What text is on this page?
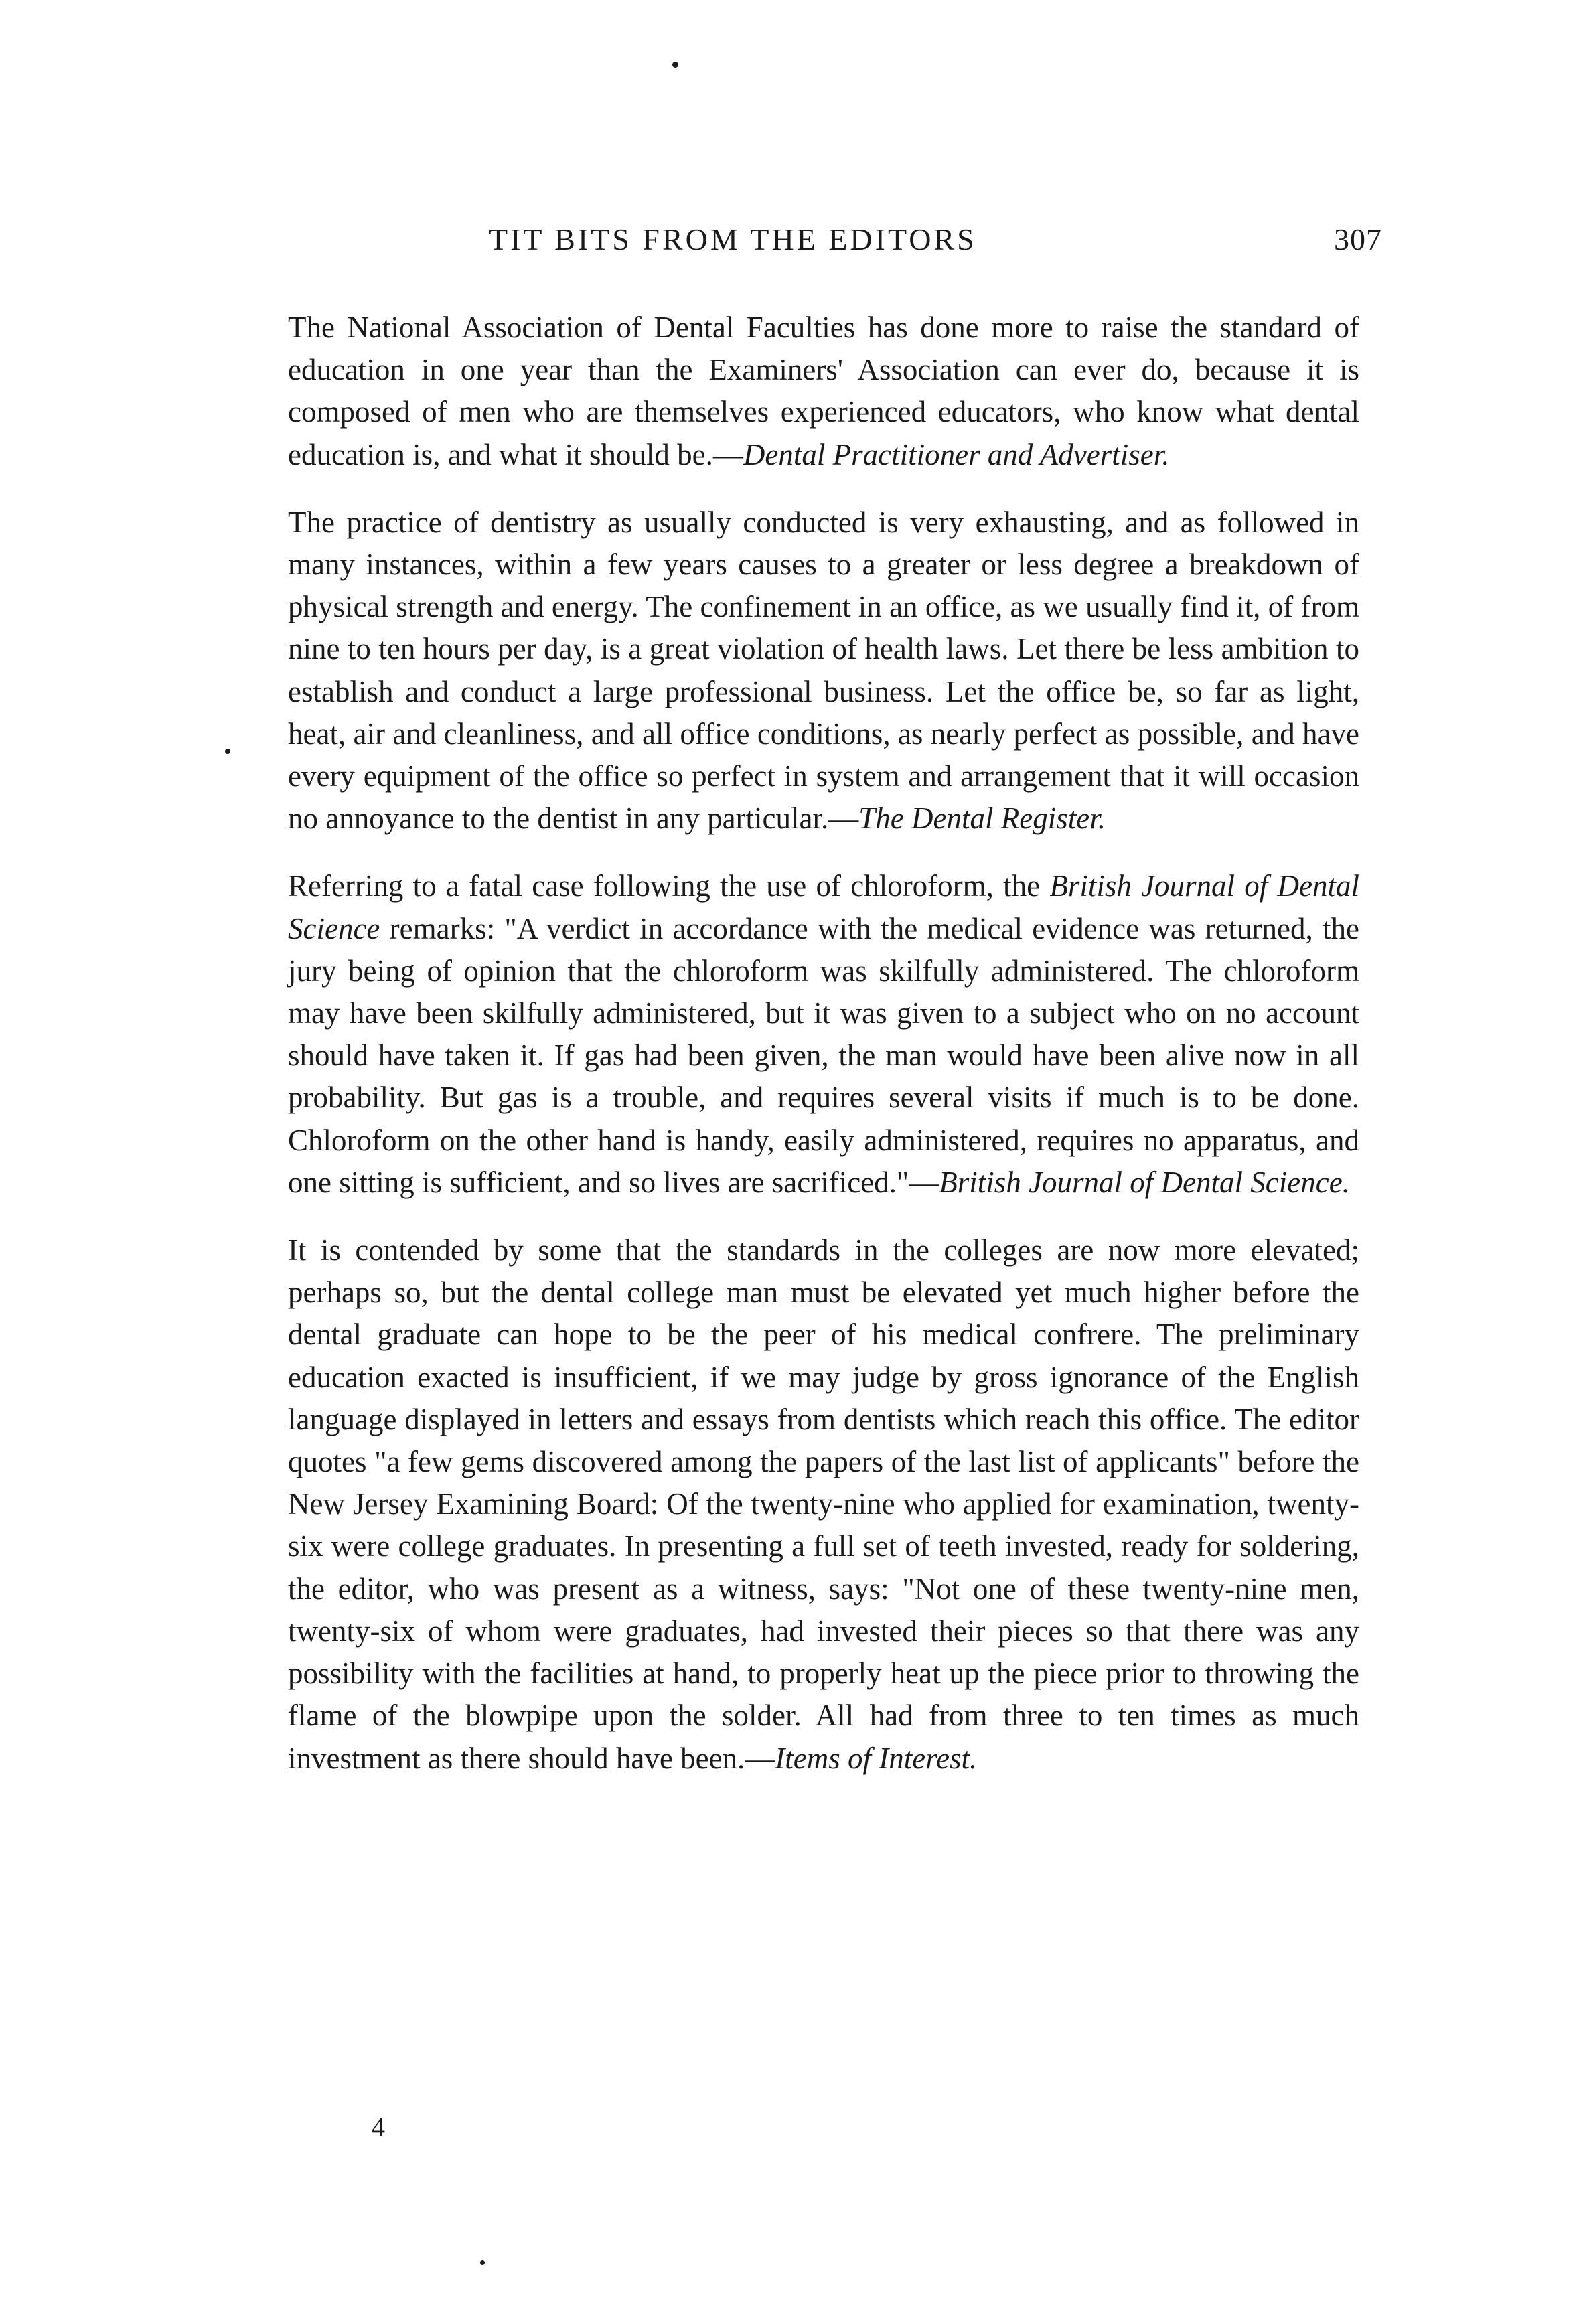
TIT BITS FROM THE EDITORS	307

The National Association of Dental Faculties has done more to raise the standard of education in one year than the Examiners' Association can ever do, because it is composed of men who are themselves experienced educators, who know what dental education is, and what it should be.—Dental Practitioner and Advertiser.

The practice of dentistry as usually conducted is very exhausting, and as followed in many instances, within a few years causes to a greater or less degree a breakdown of physical strength and energy. The confinement in an office, as we usually find it, of from nine to ten hours per day, is a great violation of health laws. Let there be less ambition to establish and conduct a large professional business. Let the office be, so far as light, heat, air and cleanliness, and all office conditions, as nearly perfect as possible, and have every equipment of the office so perfect in system and arrangement that it will occasion no annoyance to the dentist in any particular.—The Dental Register.

Referring to a fatal case following the use of chloroform, the British Journal of Dental Science remarks: "A verdict in accordance with the medical evidence was returned, the jury being of opinion that the chloroform was skilfully administered. The chloroform may have been skilfully administered, but it was given to a subject who on no account should have taken it. If gas had been given, the man would have been alive now in all probability. But gas is a trouble, and requires several visits if much is to be done. Chloroform on the other hand is handy, easily administered, requires no apparatus, and one sitting is sufficient, and so lives are sacrificed."—British Journal of Dental Science.

It is contended by some that the standards in the colleges are now more elevated; perhaps so, but the dental college man must be elevated yet much higher before the dental graduate can hope to be the peer of his medical confrere. The preliminary education exacted is insufficient, if we may judge by gross ignorance of the English language displayed in letters and essays from dentists which reach this office. The editor quotes "a few gems discovered among the papers of the last list of applicants" before the New Jersey Examining Board: Of the twenty-nine who applied for examination, twenty-six were college graduates. In presenting a full set of teeth invested, ready for soldering, the editor, who was present as a witness, says: "Not one of these twenty-nine men, twenty-six of whom were graduates, had invested their pieces so that there was any possibility with the facilities at hand, to properly heat up the piece prior to throwing the flame of the blowpipe upon the solder. All had from three to ten times as much investment as there should have been.—Items of Interest.

4
